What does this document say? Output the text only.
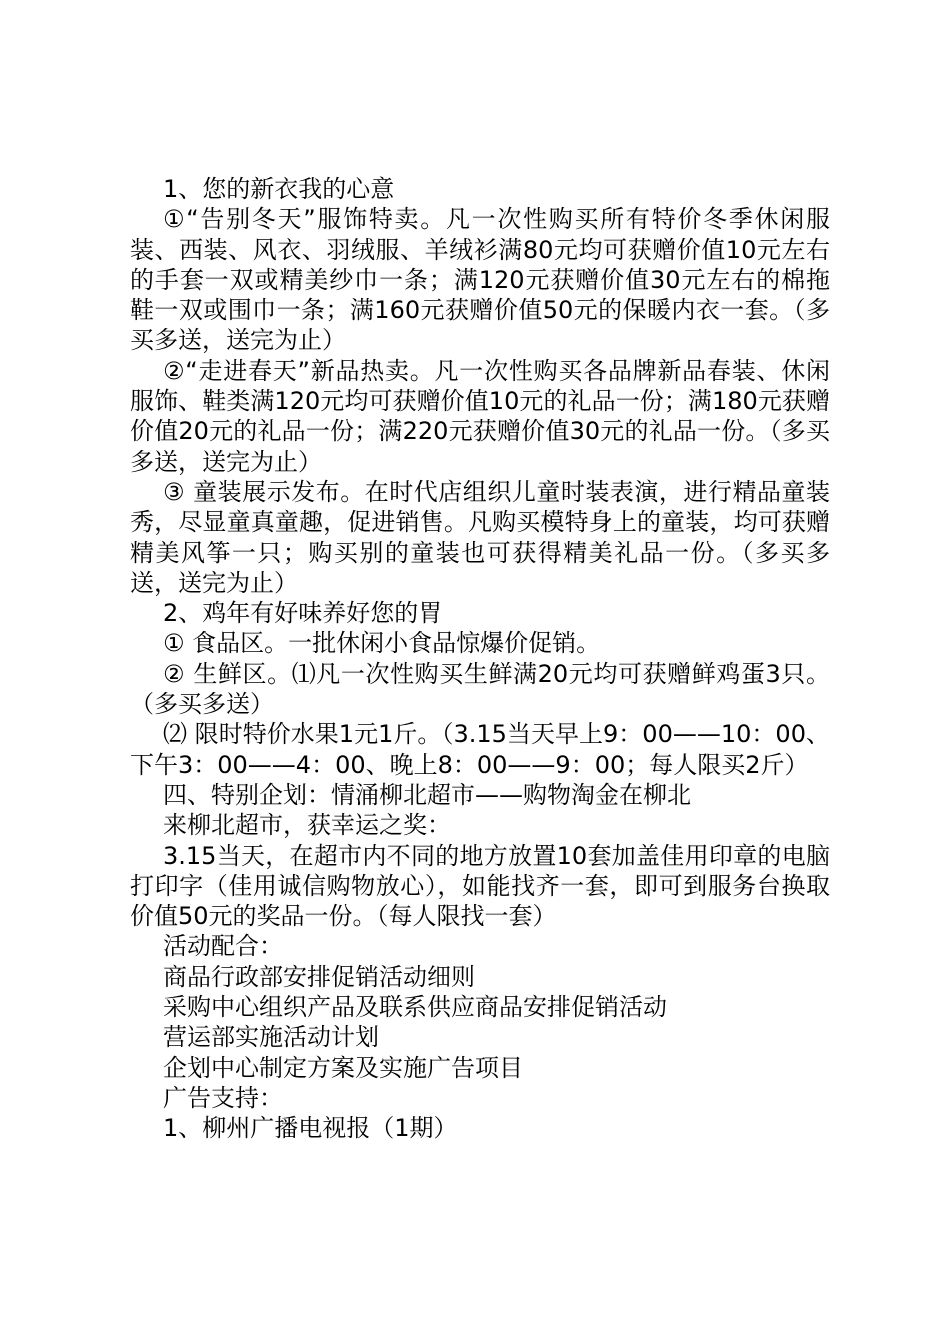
1、您的新衣我的心意

①“告别冬天”服饰特卖。凡一次性购买所有特价冬季休闲服装、西装、风衣、羽绒服、羊绒衫满80元均可获赠价值10元左右的手套一双或精美纱巾一条；满120元获赠价值30元左右的棉拖鞋一双或围巾一条；满160元获赠价值50元的保暖内衣一套。（多买多送，送完为止）

②“走进春天”新品热卖。凡一次性购买各品牌新品春装、休闲服饰、鞋类满120元均可获赠价值10元的礼品一份；满180元获赠价值20元的礼品一份；满220元获赠价值30元的礼品一份。（多买多送，送完为止）

③ 童装展示发布。在时代店组织儿童时装表演，进行精品童装秀，尽显童真童趣，促进销售。凡购买模特身上的童装，均可获赠精美风筝一只；购买别的童装也可获得精美礼品一份。（多买多送，送完为止）

2、鸡年有好味养好您的胃

① 食品区。一批休闲小食品惊爆价促销。

② 生鲜区。⑴凡一次性购买生鲜满20元均可获赠鲜鸡蛋3只。（多买多送）

⑵ 限时特价水果1元1斤。（3.15当天早上9：00——10：00、下午3：00——4：00、晚上8：00——9：00；每人限买2斤）

四、特别企划：情涌柳北超市——购物淘金在柳北

来柳北超市，获幸运之奖：

3.15当天，在超市内不同的地方放置10套加盖佳用印章的电脑打印字（佳用诚信购物放心），如能找齐一套，即可到服务台换取价值50元的奖品一份。（每人限找一套）

活动配合：

商品行政部安排促销活动细则

采购中心组织产品及联系供应商品安排促销活动

营运部实施活动计划

企划中心制定方案及实施广告项目

广告支持：

1、柳州广播电视报（1期）
